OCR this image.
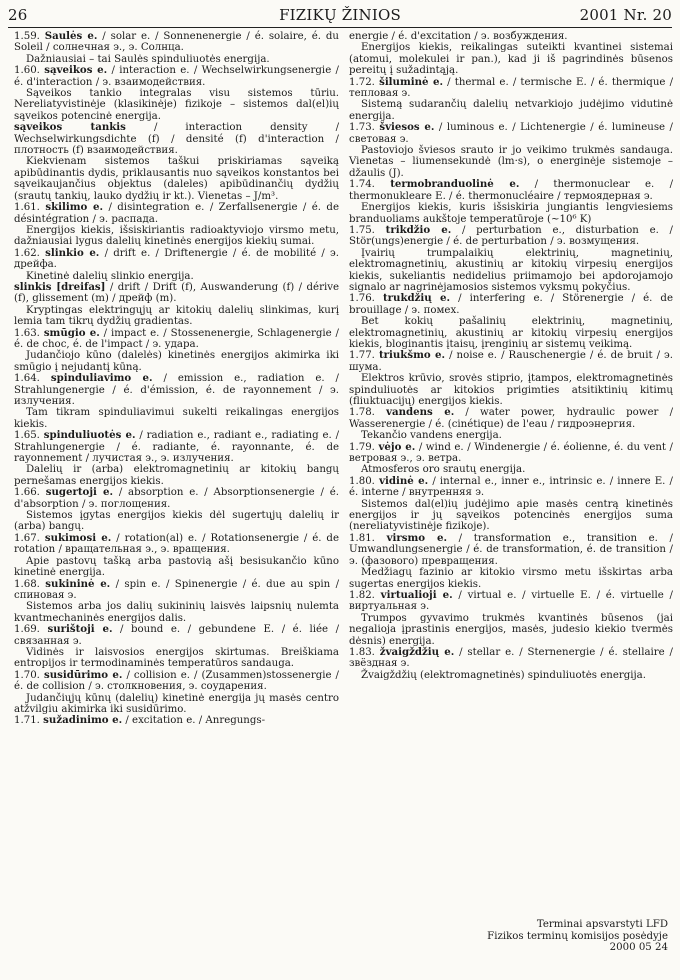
26	FIZIKŲ ŽINIOS	2001 Nr. 20

1.59. Saulės e. / solar e. / Sonnenenergie / é. solaire, é. du Soleil / солнечная э., э. Солнца.

Dažniausiai – tai Saulės spinduliuotės energija.

1.60. sąveikos e. / interaction e. / Wechselwirkungsenergie / é. d'interaction / э. взаимодействия.

Sąveikos tankio integralas visu sistemos tūriu. Nereliatyvistinėje (klasikinėje) fizikoje – sistemos dal(el)ių sąveikos potencinė energija.

sąveikos tankis / interaction density / Wechselwirkungsdichte (f) / densité (f) d'interaction / плотность (f) взаимодействия.

Kiekvienam sistemos taškui priskiriamas sąveiką apibūdinantis dydis, priklausantis nuo sąveikos konstantos bei sąveikaujančius objektus (daleles) apibūdinančių dydžių (srautų tankių, lauko dydžių ir kt.). Vienetas – J/m³.

1.61. skilimo e. / disintegration e. / Zerfallsenergie / é. de désintégration / э. распада.

Energijos kiekis, išsiskiriantis radioaktyviojo virsmo metu, dažniausiai lygus dalelių kinetinės energijos kiekių sumai.

1.62. slinkio e. / drift e. / Driftenergie / é. de mobilité / э. дрейфа.

Kinetinė dalelių slinkio energija.

slinkis [dreifas] / drift / Drift (f), Auswanderung (f) / dérive (f), glissement (m) / дрейф (m).

Kryptingas elektringųjų ar kitokių dalelių slinkimas, kurį lemia tam tikrų dydžių gradientas.

1.63. smūgio e. / impact e. / Stossenenergie, Schlagenergie / é. de choc, é. de l'impact / э. удара.

Judančiojo kūno (dalelės) kinetinės energijos akimirka iki smūgio į nejudantį kūną.

1.64. spinduliavimo e. / emission e., radiation e. / Strahlungenergie / é. d'émission, é. de rayonnement / э. излучения.

Tam tikram spinduliavimui sukelti reikalingas energijos kiekis.

1.65. spinduliuotės e. / radiation e., radiant e., radiating e. / Strahlungenergie / é. radiante, é. rayonnante, é. de rayonnement / лучистая э., э. излучения.

Dalelių ir (arba) elektromagnetinių ar kitokių bangų pernešamas energijos kiekis.

1.66. sugertoji e. / absorption e. / Absorptionsenergie / é. d'absorption / э. поглощения.

Sistemos įgytas energijos kiekis dėl sugertųjų dalelių ir (arba) bangų.

1.67. sukimosi e. / rotation(al) e. / Rotationsenergie / é. de rotation / вращательная э., э. вращения.

Apie pastovų tašką arba pastovią ašį besisukančio kūno kinetinė energija.

1.68. sukininė e. / spin e. / Spinenergie / é. due au spin / спиновая э.

Sistemos arba jos dalių sukininių laisvės laipsnių nulemta kvantmechaninės energijos dalis.

1.69. surištoji e. / bound e. / gebundene E. / é. liée / связанная э.

Vidinės ir laisvosios energijos skirtumas. Breiškiama entropijos ir termodinaminės temperatūros sandauga.

1.70. susidūrimo e. / collision e. / (Zusammen)stossenergie / é. de collision / э. столкновения, э. соударения.

Judančiųjų kūnų (dalelių) kinetinė energija jų masės centro atžvilgiu akimirka iki susidūrimo.

1.71. sužadinimo e. / excitation e. / Anregungs-

energie / é. d'excitation / э. возбуждения.

Energijos kiekis, reikalingas suteikti kvantinei sistemai (atomui, molekulei ir pan.), kad ji iš pagrindinės būsenos pereitų į sužadintąją.

1.72. šiluminė e. / thermal e. / termische E. / é. thermique / тепловая э.

Sistemą sudarančių dalelių netvarkiojo judėjimo vidutinė energija.

1.73. šviesos e. / luminous e. / Lichtenergie / é. lumineuse / световая э.

Pastoviojo šviesos srauto ir jo veikimo trukmės sandauga. Vienetas – liumensekundė (lm·s), o energinėje sistemoje – džaulis (J).

1.74. termobranduolinė e. / thermonuclear e. / thermonukleare E. / é. thermonucléaire / термоядерная э.

Energijos kiekis, kuris išsiskiria jungiantis lengviesiems branduoliams aukštoje temperatūroje (~10⁶ K)

1.75. trikdžio e. / perturbation e., disturbation e. / Stör(ungs)energie / é. de perturbation / э. возмущения.

Įvairių trumpalaikių elektrinių, magnetinių, elektromagnetinių, akustinių ar kitokių virpesių energijos kiekis, sukeliantis nedidelius priimamojo bei apdorojamojo signalo ar nagrinėjamosios sistemos vyksmų pokyčius.

1.76. trukdžių e. / interfering e. / Störenergie / é. de brouillage / э. помех.

Bet kokių pašalinių elektrinių, magnetinių, elektromagnetinių, akustinių ar kitokių virpesių energijos kiekis, bloginantis įtaisų, įrenginių ar sistemų veikimą.

1.77. triukšmo e. / noise e. / Rauschenergie / é. de bruit / э. шума.

Elektros krūvio, srovės stiprio, įtampos, elektromagnetinės spinduliuotės ar kitokios prigimties atsitiktinių kitimų (fliuktuacijų) energijos kiekis.

1.78. vandens e. / water power, hydraulic power / Wasserenergie / é. (cinétique) de l'eau / гидроэнергия.

Tekančio vandens energija.

1.79. vėjo e. / wind e. / Windenergie / é. éolienne, é. du vent / ветровая э., э. ветра.

Atmosferos oro srautų energija.

1.80. vidinė e. / internal e., inner e., intrinsic e. / innere E. / é. interne / внутренняя э.

Sistemos dal(el)ių judėjimo apie masės centrą kinetinės energijos ir jų sąveikos potencinės energijos suma (nereliatyvistinėje fizikoje).

1.81. virsmo e. / transformation e., transition e. / Umwandlungsenergie / é. de transformation, é. de transition / э. (фазового) превращения.

Medžiagų fazinio ar kitokio virsmo metu išskirtas arba sugertas energijos kiekis.

1.82. virtualioji e. / virtual e. / virtuelle E. / é. virtuelle / виртуальная э.

Trumpos gyvavimo trukmės kvantinės būsenos (jai negalioja įprastinis energijos, masės, judesio kiekio tvermės dėsnis) energija.

1.83. žvaigždžių e. / stellar e. / Sternenergie / é. stellaire / звёздная э.

Žvaigždžių (elektromagnetinės) spinduliuotės energija.

Terminai apsvarstyti LFD
Fizikos terminų komisijos posėdyje
2000 05 24
